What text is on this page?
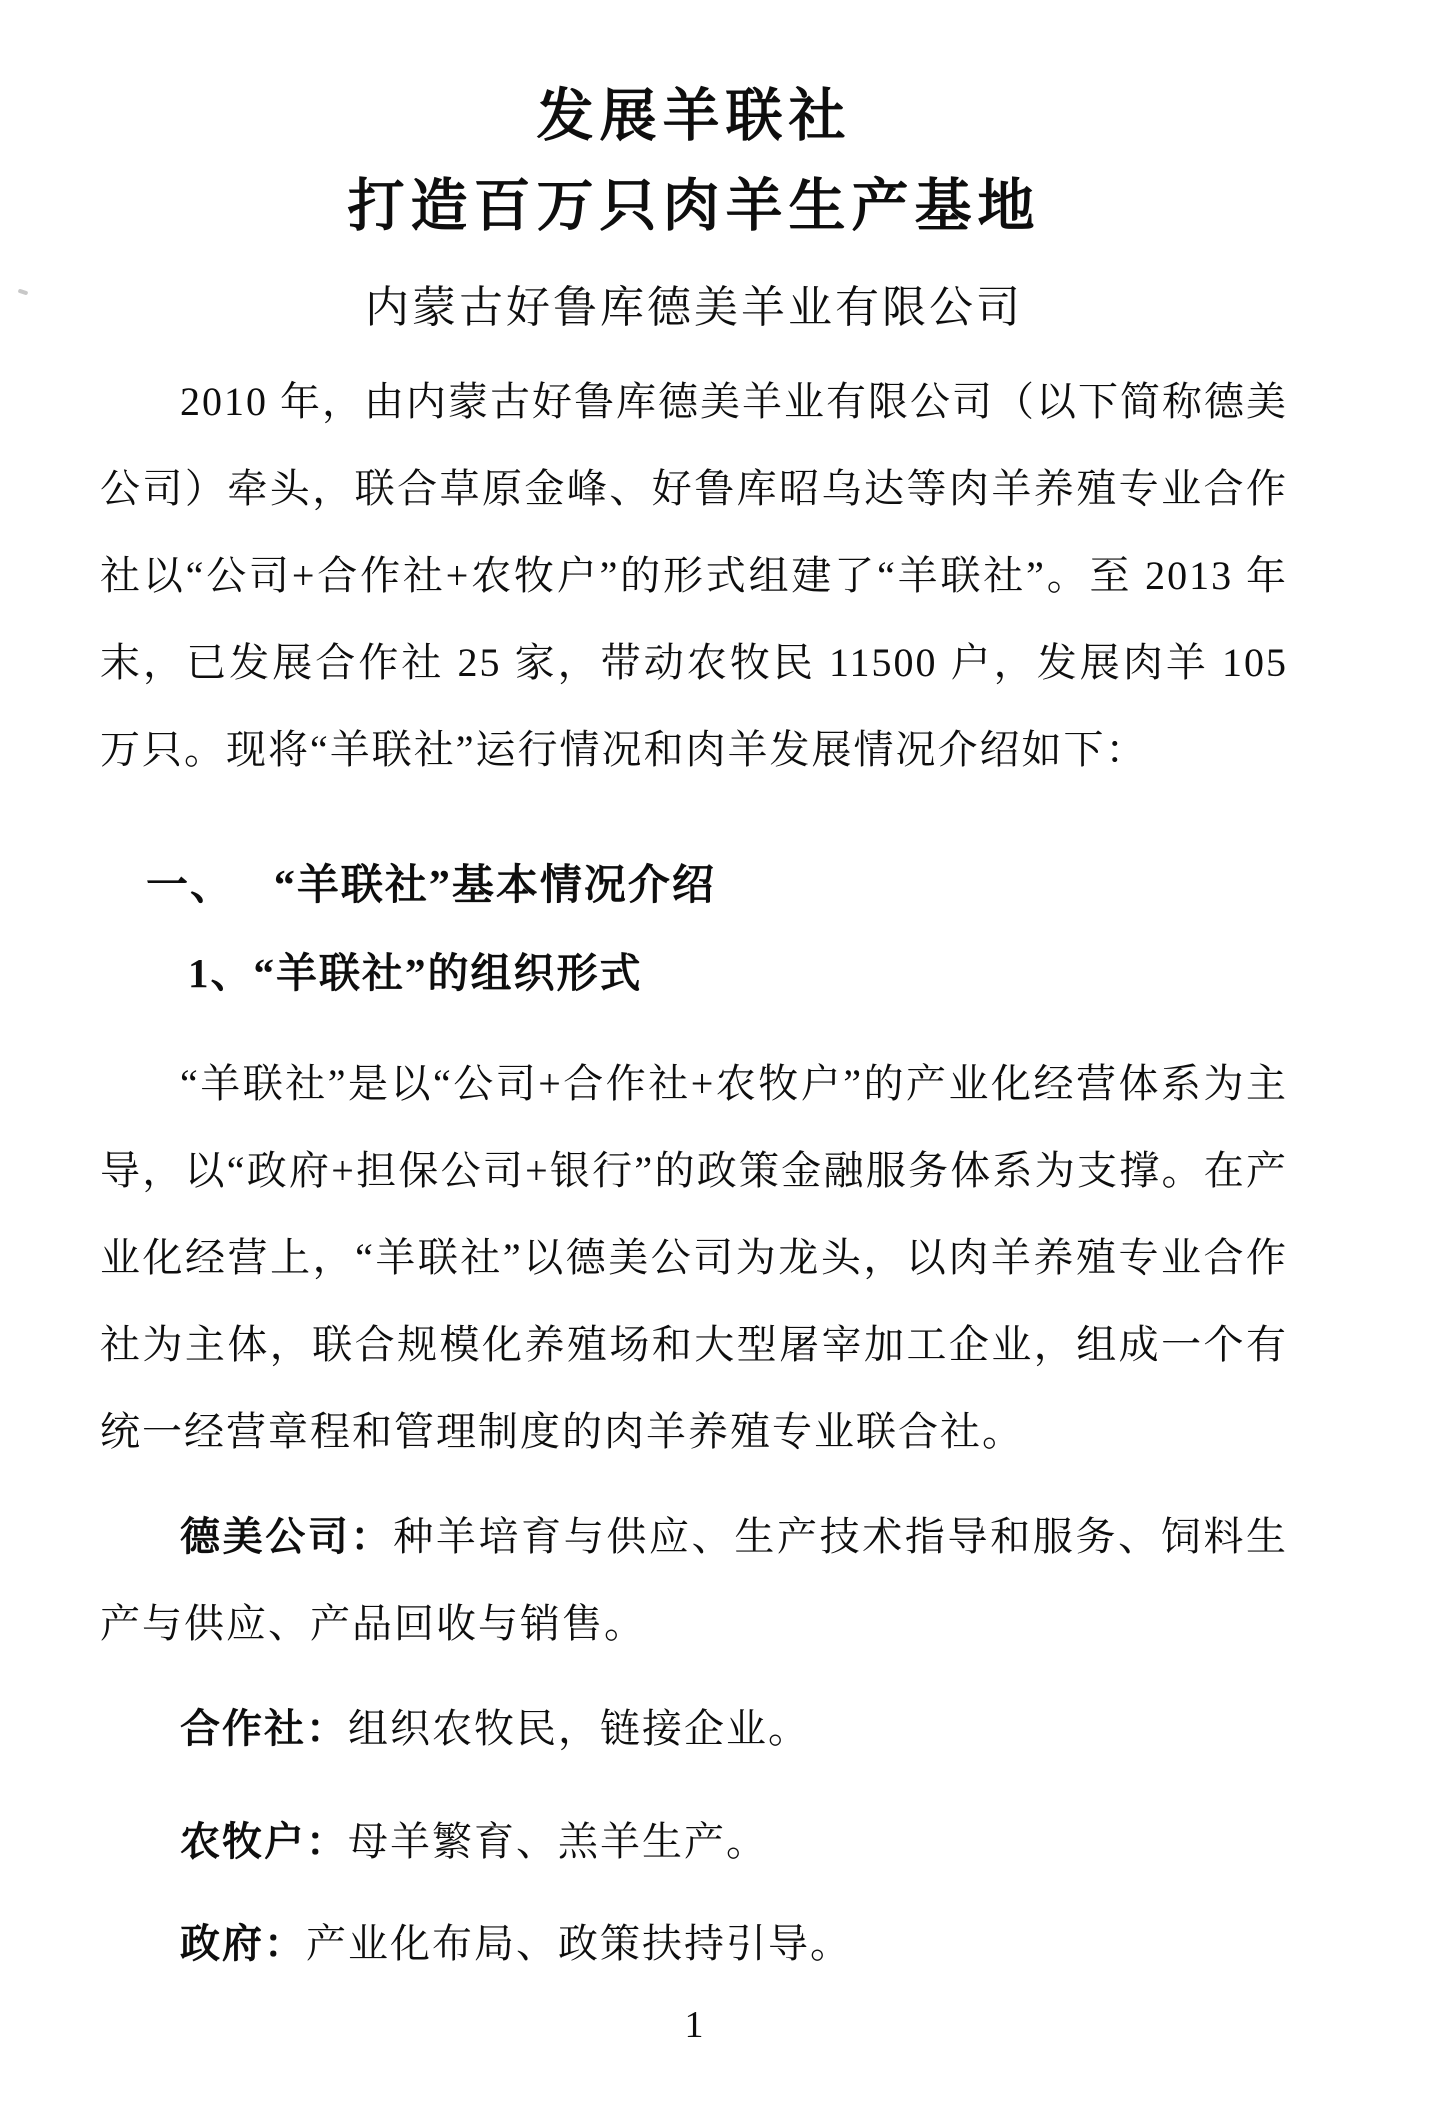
发展羊联社
打造百万只肉羊生产基地
内蒙古好鲁库德美羊业有限公司

2010 年，由内蒙古好鲁库德美羊业有限公司（以下简称德美公司）牵头，联合草原金峰、好鲁库昭乌达等肉羊养殖专业合作社以“公司+合作社+农牧户”的形式组建了“羊联社”。至 2013 年末，已发展合作社 25 家，带动农牧民 11500 户，发展肉羊 105 万只。现将“羊联社”运行情况和肉羊发展情况介绍如下：

一、 “羊联社”基本情况介绍
1、“羊联社”的组织形式

“羊联社”是以“公司+合作社+农牧户”的产业化经营体系为主导，以“政府+担保公司+银行”的政策金融服务体系为支撑。在产业化经营上，“羊联社”以德美公司为龙头，以肉羊养殖专业合作社为主体，联合规模化养殖场和大型屠宰加工企业，组成一个有统一经营章程和管理制度的肉羊养殖专业联合社。

德美公司：种羊培育与供应、生产技术指导和服务、饲料生产与供应、产品回收与销售。

合作社：组织农牧民，链接企业。

农牧户：母羊繁育、羔羊生产。

政府：产业化布局、政策扶持引导。

1
